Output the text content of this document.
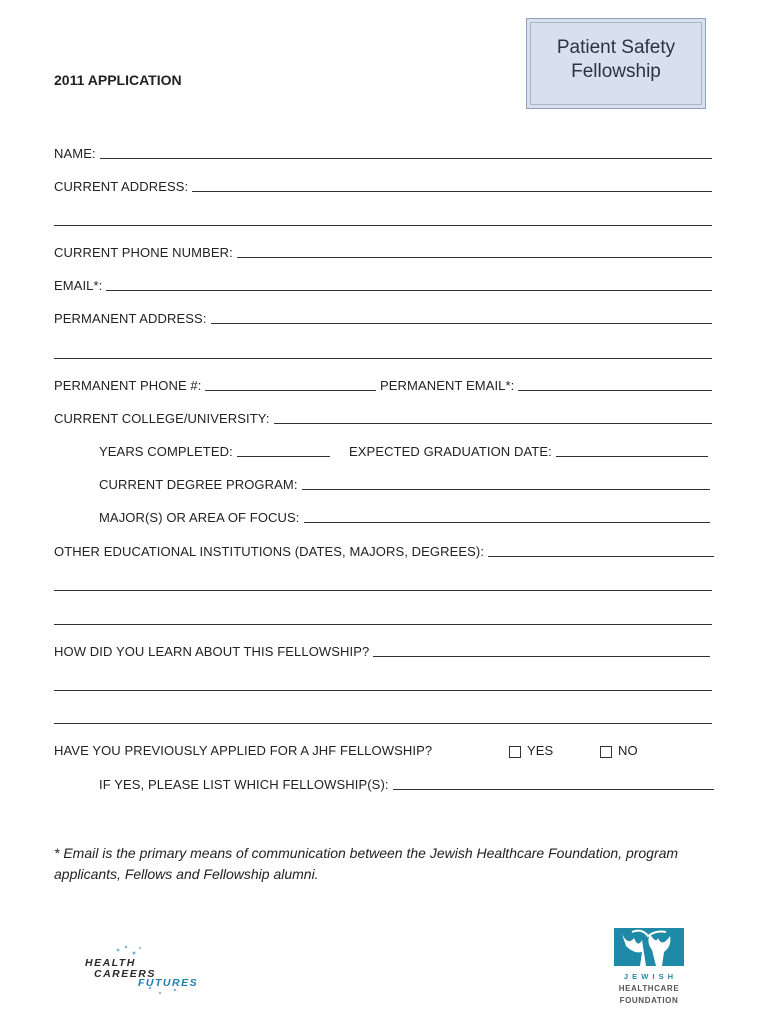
2011 APPLICATION
Patient Safety Fellowship
NAME:
CURRENT ADDRESS:
CURRENT PHONE NUMBER:
EMAIL*:
PERMANENT ADDRESS:
PERMANENT PHONE #:	PERMANENT EMAIL*:
CURRENT COLLEGE/UNIVERSITY:
YEARS COMPLETED:	EXPECTED GRADUATION DATE:
CURRENT DEGREE PROGRAM:
MAJOR(S) OR AREA OF FOCUS:
OTHER EDUCATIONAL INSTITUTIONS (DATES, MAJORS, DEGREES):
HOW DID YOU LEARN ABOUT THIS FELLOWSHIP?
HAVE YOU PREVIOUSLY APPLIED FOR A JHF FELLOWSHIP?	YES	NO
IF YES, PLEASE LIST WHICH FELLOWSHIP(S):
* Email is the primary means of communication between the Jewish Healthcare Foundation, program applicants, Fellows and Fellowship alumni.
HEALTH
CAREERS
FUTURES
J E W I S H
HEALTHCARE
FOUNDATION
